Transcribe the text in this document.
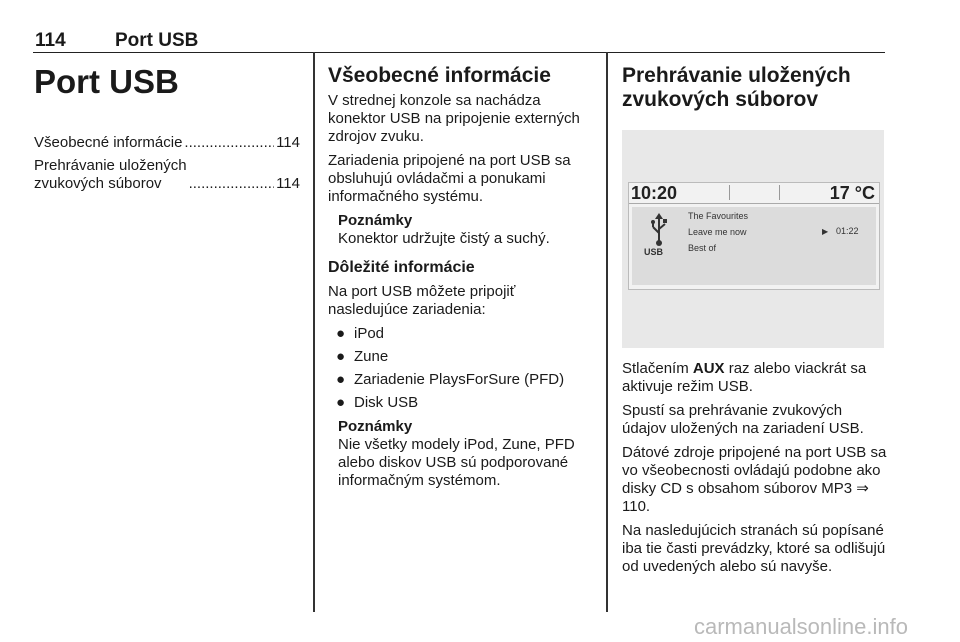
114	Port USB
Port USB
Všeobecné informácie .....	114
Prehrávanie uložených
zvukových súborov .....	114
Všeobecné informácie

V strednej konzole sa nachádza konektor USB na pripojenie externých zdrojov zvuku.

Zariadenia pripojené na port USB sa obsluhujú ovládačmi a ponukami informačného systému.

Poznámky
Konektor udržujte čistý a suchý.
Dôležité informácie

Na port USB môžete pripojiť nasledujúce zariadenia:

● iPod
● Zune
● Zariadenie PlaysForSure (PFD)
● Disk USB
Poznámky
Nie všetky modely iPod, Zune, PFD alebo diskov USB sú podporované informačným systémom.
Prehrávanie uložených zvukových súborov
10:20	17 °C
USB
The Favourites
Leave me now
Best of
▶ 01:22

Stlačením AUX raz alebo viackrát sa aktivuje režim USB.

Spustí sa prehrávanie zvukových údajov uložených na zariadení USB.

Dátové zdroje pripojené na port USB sa vo všeobecnosti ovládajú podobne ako disky CD s obsahom súborov MP3 ⇒ 110.

Na nasledujúcich stranách sú popísané iba tie časti prevádzky, ktoré sa odlišujú od uvedených alebo sú navyše.

carmanualsonline.info
